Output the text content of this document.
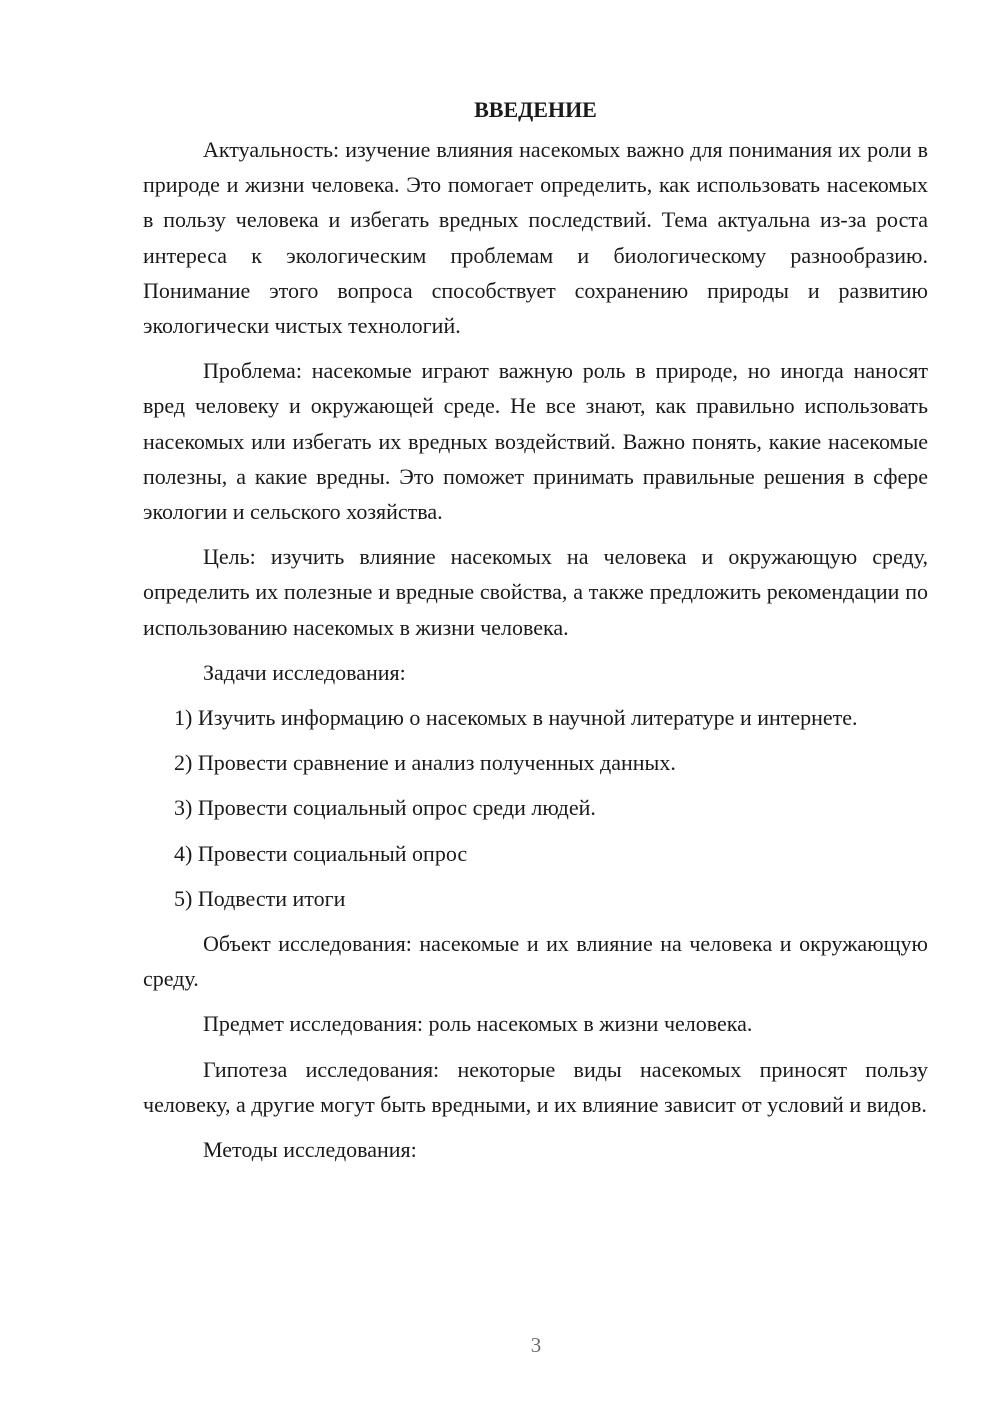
ВВЕДЕНИЕ

Актуальность: изучение влияния насекомых важно для понимания их роли в природе и жизни человека. Это помогает определить, как использовать насекомых в пользу человека и избегать вредных последствий. Тема актуальна из-за роста интереса к экологическим проблемам и биологическому разнообразию. Понимание этого вопроса способствует сохранению природы и развитию экологически чистых технологий.

Проблема: насекомые играют важную роль в природе, но иногда наносят вред человеку и окружающей среде. Не все знают, как правильно использовать насекомых или избегать их вредных воздействий. Важно понять, какие насекомые полезны, а какие вредны. Это поможет принимать правильные решения в сфере экологии и сельского хозяйства.

Цель: изучить влияние насекомых на человека и окружающую среду, определить их полезные и вредные свойства, а также предложить рекомендации по использованию насекомых в жизни человека.

Задачи исследования:

1) Изучить информацию о насекомых в научной литературе и интернете.

2) Провести сравнение и анализ полученных данных.

3) Провести социальный опрос среди людей.

4) Провести социальный опрос

5) Подвести итоги

Объект исследования: насекомые и их влияние на человека и окружающую среду.

Предмет исследования: роль насекомых в жизни человека.

Гипотеза исследования: некоторые виды насекомых приносят пользу человеку, а другие могут быть вредными, и их влияние зависит от условий и видов.

Методы исследования:

3
